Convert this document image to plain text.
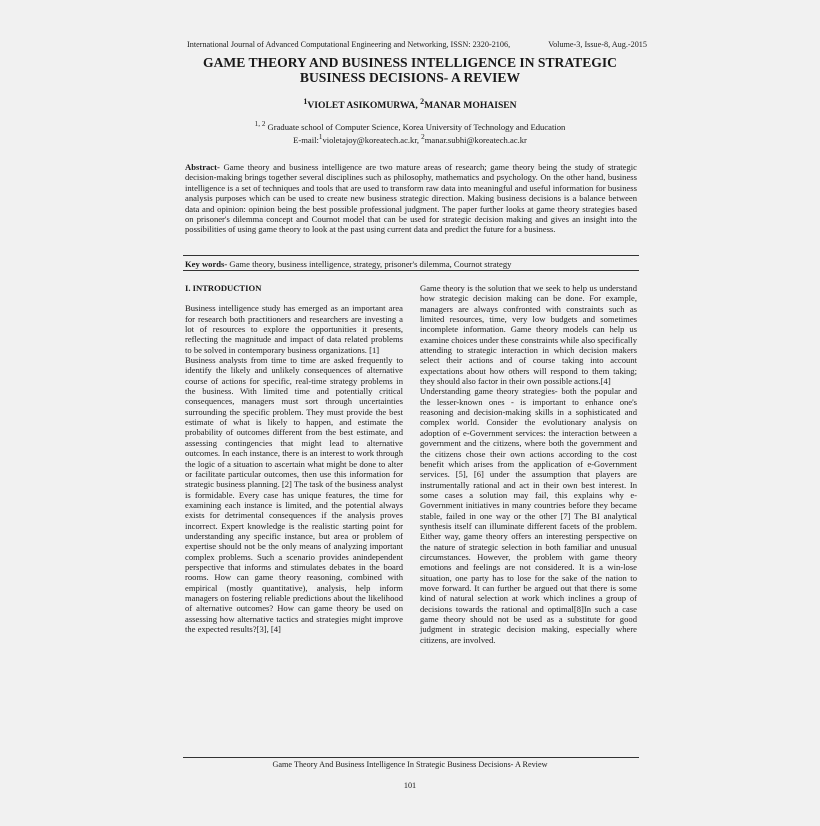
International Journal of Advanced Computational Engineering and Networking, ISSN: 2320-2106,	Volume-3, Issue-8, Aug.-2015
GAME THEORY AND BUSINESS INTELLIGENCE IN STRATEGIC
BUSINESS DECISIONS- A REVIEW
$^1$VIOLET ASIKOMURWA, $^2$MANAR MOHAISEN
$^{1, 2}$ Graduate school of Computer Science, Korea University of Technology and Education
E-mail:$^1$violetajoy@koreatech.ac.kr, $^2$manar.subhi@koreatech.ac.kr
Abstract- Game theory and business intelligence are two mature areas of research; game theory being the study of strategic decision-making brings together several disciplines such as philosophy, mathematics and psychology. On the other hand, business intelligence is a set of techniques and tools that are used to transform raw data into meaningful and useful information for business analysis purposes which can be used to create new business strategic direction. Making business decisions is a balance between data and opinion: opinion being the best possible professional judgment. The paper further looks at game theory strategies based on prisoner's dilemma concept and Cournot model that can be used for strategic decision making and gives an insight into the possibilities of using game theory to look at the past using current data and predict the future for a business.
Key words- Game theory, business intelligence, strategy, prisoner's dilemma, Cournot strategy

I. INTRODUCTION

Business intelligence study has emerged as an important area for research both practitioners and researchers are investing a lot of resources to explore the opportunities it presents, reflecting the magnitude and impact of data related problems to be solved in contemporary business organizations. [1]

Business analysts from time to time are asked frequently to identify the likely and unlikely consequences of alternative course of actions for specific, real-time strategy problems in the business. With limited time and potentially critical consequences, managers must sort through uncertainties surrounding the specific problem. They must provide the best estimate of what is likely to happen, and estimate the probability of outcomes different from the best estimate, and assessing contingencies that might lead to alternative outcomes. In each instance, there is an interest to work through the logic of a situation to ascertain what might be done to alter or facilitate particular outcomes, then use this information for strategic business planning. [2] The task of the business analyst is formidable. Every case has unique features, the time for examining each instance is limited, and the potential always exists for detrimental consequences if the analysis proves incorrect. Expert knowledge is the realistic starting point for understanding any specific instance, but area or problem of expertise should not be the only means of analyzing important complex problems. Such a scenario provides anindependent perspective that informs and stimulates debates in the board rooms. How can game theory reasoning, combined with empirical (mostly quantitative), analysis, help inform managers on fostering reliable predictions about the likelihood of alternative outcomes? How can game theory be used on assessing how alternative tactics and strategies might improve the expected results?[3], [4]

Game theory is the solution that we seek to help us understand how strategic decision making can be done. For example, managers are always confronted with constraints such as limited resources, time, very low budgets and sometimes incomplete information. Game theory models can help us examine choices under these constraints while also specifically attending to strategic interaction in which decision makers select their actions and of course taking into account expectations about how others will respond to them taking; they should also factor in their own possible actions.[4]

Understanding game theory strategies- both the popular and the lesser-known ones - is important to enhance one's reasoning and decision-making skills in a sophisticated and complex world. Consider the evolutionary analysis on adoption of e-Government services: the interaction between a government and the citizens, where both the government and the citizens chose their own actions according to the cost benefit which arises from the application of e-Government services. [5], [6] under the assumption that players are instrumentally rational and act in their own best interest. In some cases a solution may fail, this explains why e-Government initiatives in many countries before they became stable, failed in one way or the other [7] The BI analytical synthesis itself can illuminate different facets of the problem. Either way, game theory offers an interesting perspective on the nature of strategic selection in both familiar and unusual circumstances. However, the problem with game theory emotions and feelings are not considered. It is a win-lose situation, one party has to lose for the sake of the nation to move forward. It can further be argued out that there is some kind of natural selection at work which inclines a group of decisions towards the rational and optimal[8]In such a case game theory should not be used as a substitute for good judgment in strategic decision making, especially where citizens, are involved.

Game Theory And Business Intelligence In Strategic Business Decisions- A Review
101
